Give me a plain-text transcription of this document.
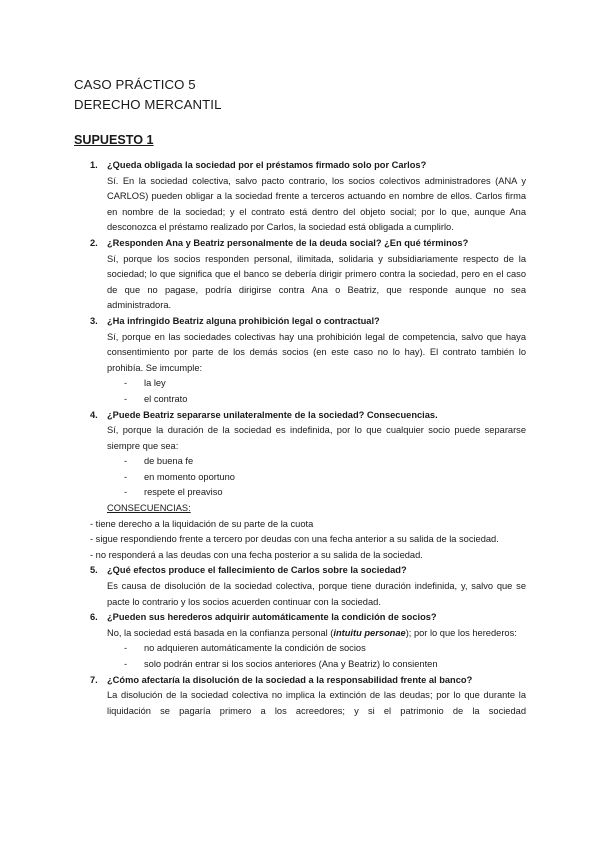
CASO PRÁCTICO 5
DERECHO MERCANTIL
SUPUESTO 1
1. ¿Queda obligada la sociedad por el préstamos firmado solo por Carlos?
Sí. En la sociedad colectiva, salvo pacto contrario, los socios colectivos administradores (ANA y CARLOS) pueden obligar a la sociedad frente a terceros actuando en nombre de ellos. Carlos firma en nombre de la sociedad; y el contrato está dentro del objeto social; por lo que, aunque Ana desconozca el préstamo realizado por Carlos, la sociedad está obligada a cumplirlo.
2. ¿Responden Ana y Beatriz personalmente de la deuda social? ¿En qué términos?
Sí, porque los socios responden personal, ilimitada, solidaria y subsidiariamente respecto de la sociedad; lo que significa que el banco se debería dirigir primero contra la sociedad, pero en el caso de que no pagase, podría dirigirse contra Ana o Beatriz, que responde aunque no sea administradora.
3. ¿Ha infringido Beatriz alguna prohibición legal o contractual?
Sí, porque en las sociedades colectivas hay una prohibición legal de competencia, salvo que haya consentimiento por parte de los demás socios (en este caso no lo hay). El contrato también lo prohibía. Se imcumple:
-	la ley
-	el contrato
4. ¿Puede Beatriz separarse unilateralmente de la sociedad? Consecuencias.
Sí, porque la duración de la sociedad es indefinida, por lo que cualquier socio puede separarse siempre que sea:
-	de buena fe
-	en momento oportuno
-	respete el preaviso
CONSECUENCIAS:
- tiene derecho a la liquidación de su parte de la cuota
- sigue respondiendo frente a tercero por deudas con una fecha anterior a su salida de la sociedad.
- no responderá a las deudas con una fecha posterior a su salida de la sociedad.
5. ¿Qué efectos produce el fallecimiento de Carlos sobre la sociedad?
Es causa de disolución de la sociedad colectiva, porque tiene duración indefinida, y, salvo que se pacte lo contrario y los socios acuerden continuar con la sociedad.
6. ¿Pueden sus herederos adquirir automáticamente la condición de socios?
No, la sociedad está basada en la confianza personal (intuitu personae); por lo que los herederos:
-	no adquieren automáticamente la condición de socios
-	solo podrán entrar si los socios anteriores (Ana y Beatriz) lo consienten
7. ¿Cómo afectaría la disolución de la sociedad a la responsabilidad frente al banco?
La disolución de la sociedad colectiva no implica la extinción de las deudas; por lo que durante la liquidación se pagaría primero a los acreedores; y si el patrimonio de la sociedad
